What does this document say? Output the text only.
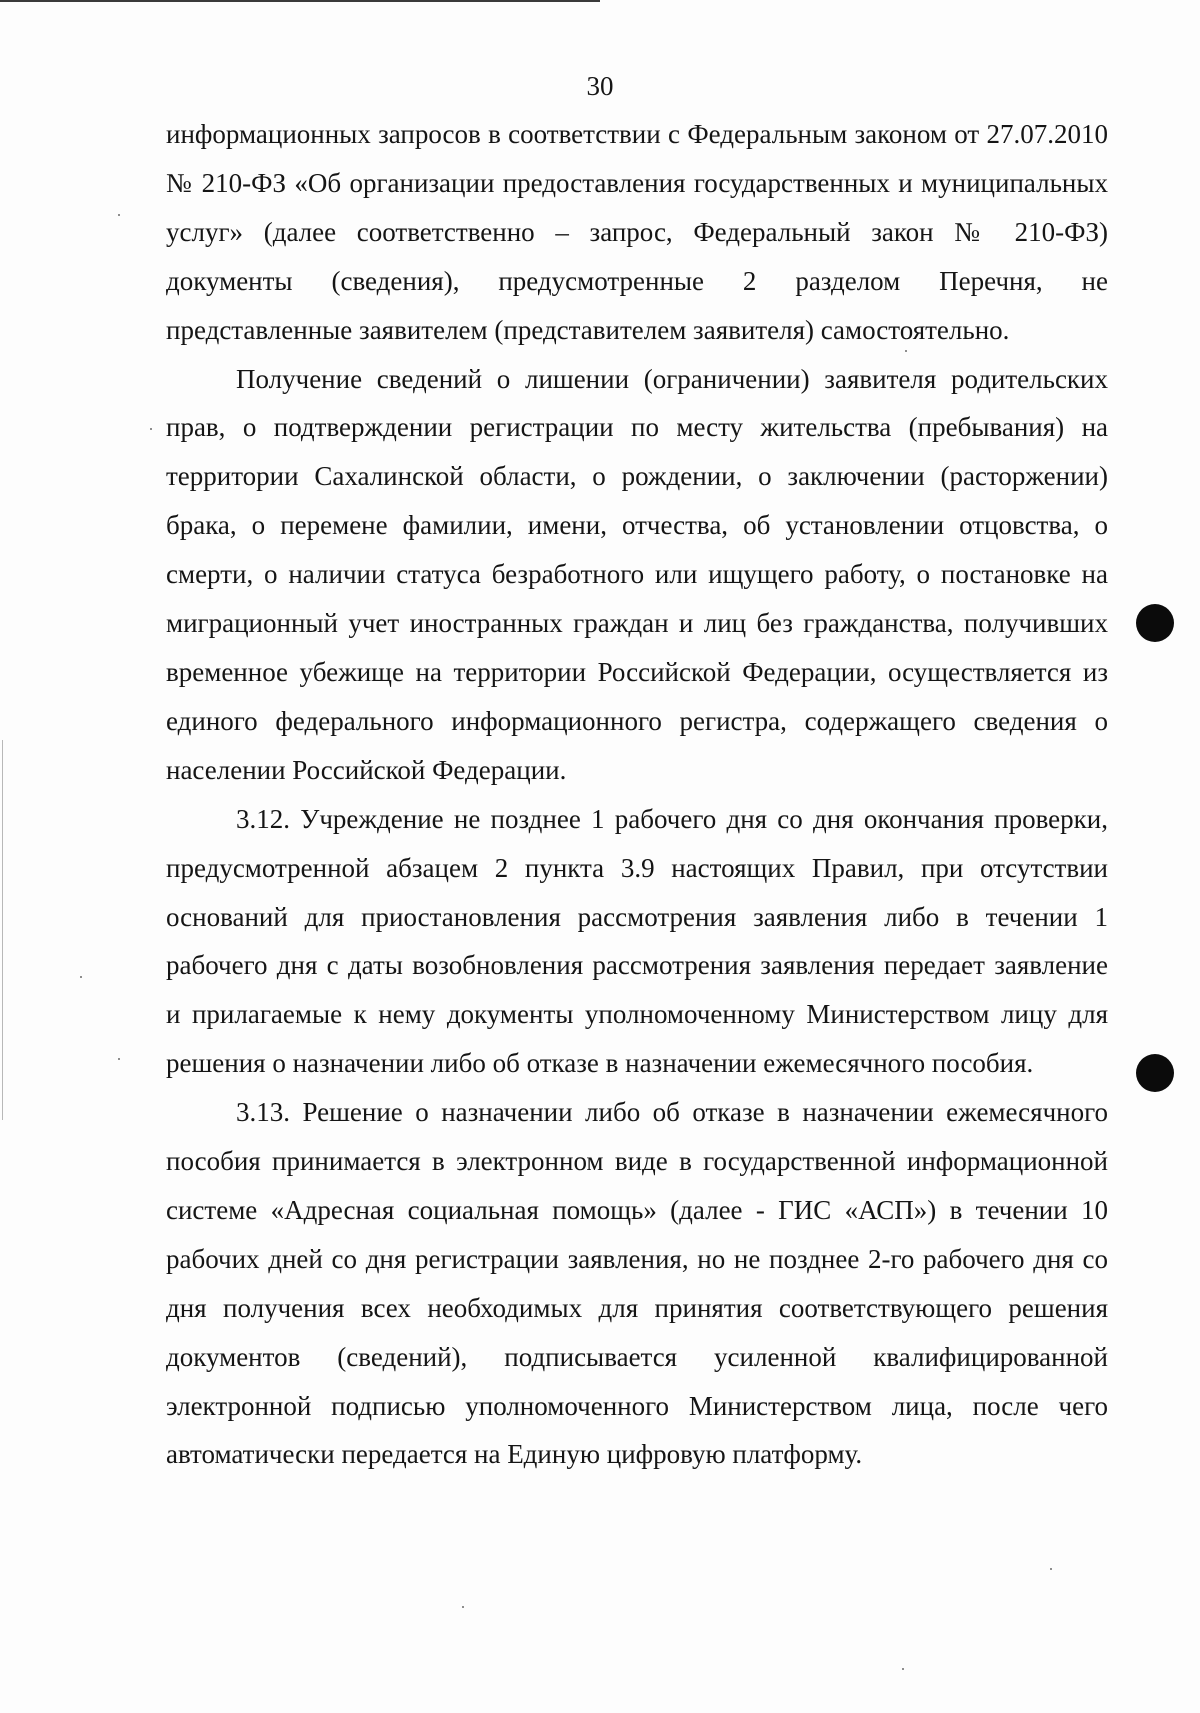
30

информационных запросов в соответствии с Федеральным законом от 27.07.2010 № 210-ФЗ «Об организации предоставления государственных и муниципальных услуг» (далее соответственно – запрос, Федеральный закон № 210-ФЗ) документы (сведения), предусмотренные 2 разделом Перечня, не представленные заявителем (представителем заявителя) самостоятельно.

Получение сведений о лишении (ограничении) заявителя родительских прав, о подтверждении регистрации по месту жительства (пребывания) на территории Сахалинской области, о рождении, о заключении (расторжении) брака, о перемене фамилии, имени, отчества, об установлении отцовства, о смерти, о наличии статуса безработного или ищущего работу, о постановке на миграционный учет иностранных граждан и лиц без гражданства, получивших временное убежище на территории Российской Федерации, осуществляется из единого федерального информационного регистра, содержащего сведения о населении Российской Федерации.

3.12. Учреждение не позднее 1 рабочего дня со дня окончания проверки, предусмотренной абзацем 2 пункта 3.9 настоящих Правил, при отсутствии оснований для приостановления рассмотрения заявления либо в течении 1 рабочего дня с даты возобновления рассмотрения заявления передает заявление и прилагаемые к нему документы уполномоченному Министерством лицу для решения о назначении либо об отказе в назначении ежемесячного пособия.

3.13. Решение о назначении либо об отказе в назначении ежемесячного пособия принимается в электронном виде в государственной информационной системе «Адресная социальная помощь» (далее - ГИС «АСП») в течении 10 рабочих дней со дня регистрации заявления, но не позднее 2-го рабочего дня со дня получения всех необходимых для принятия соответствующего решения документов (сведений), подписывается усиленной квалифицированной электронной подписью уполномоченного Министерством лица, после чего автоматически передается на Единую цифровую платформу.
